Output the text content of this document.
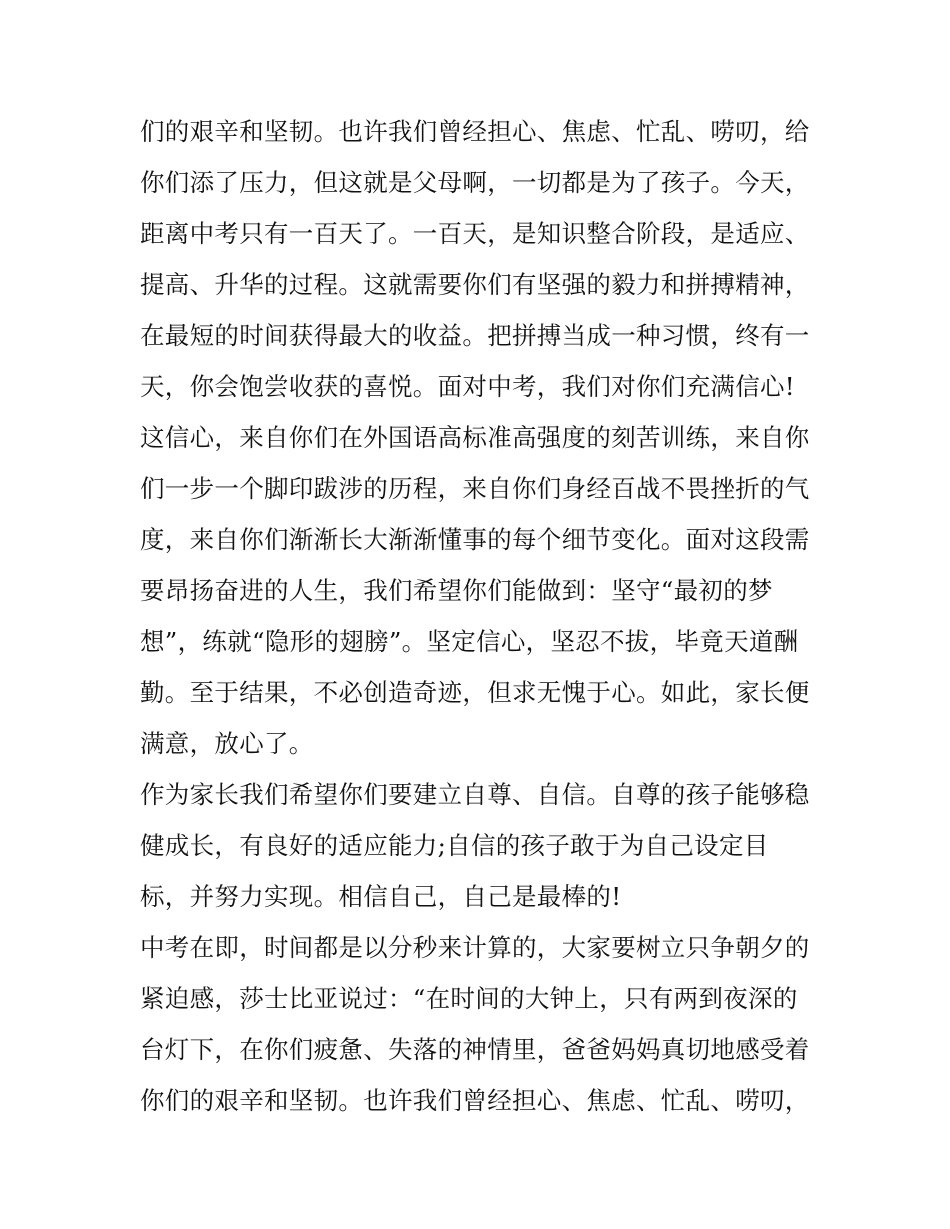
们的艰辛和坚韧。也许我们曾经担心、焦虑、忙乱、唠叨，给
你们添了压力，但这就是父母啊，一切都是为了孩子。今天，
距离中考只有一百天了。一百天，是知识整合阶段，是适应、
提高、升华的过程。这就需要你们有坚强的毅力和拼搏精神，
在最短的时间获得最大的收益。把拼搏当成一种习惯，终有一
天，你会饱尝收获的喜悦。面对中考，我们对你们充满信心!
这信心，来自你们在外国语高标准高强度的刻苦训练，来自你
们一步一个脚印跋涉的历程，来自你们身经百战不畏挫折的气
度，来自你们渐渐长大渐渐懂事的每个细节变化。面对这段需
要昂扬奋进的人生，我们希望你们能做到：坚守“最初的梦
想”，练就“隐形的翅膀”。坚定信心，坚忍不拔，毕竟天道酬
勤。至于结果，不必创造奇迹，但求无愧于心。如此，家长便
满意，放心了。
作为家长我们希望你们要建立自尊、自信。自尊的孩子能够稳
健成长，有良好的适应能力;自信的孩子敢于为自己设定目
标，并努力实现。相信自己，自己是最棒的!
中考在即，时间都是以分秒来计算的，大家要树立只争朝夕的
紧迫感，莎士比亚说过：“在时间的大钟上，只有两到夜深的
台灯下，在你们疲惫、失落的神情里，爸爸妈妈真切地感受着
你们的艰辛和坚韧。也许我们曾经担心、焦虑、忙乱、唠叨，
